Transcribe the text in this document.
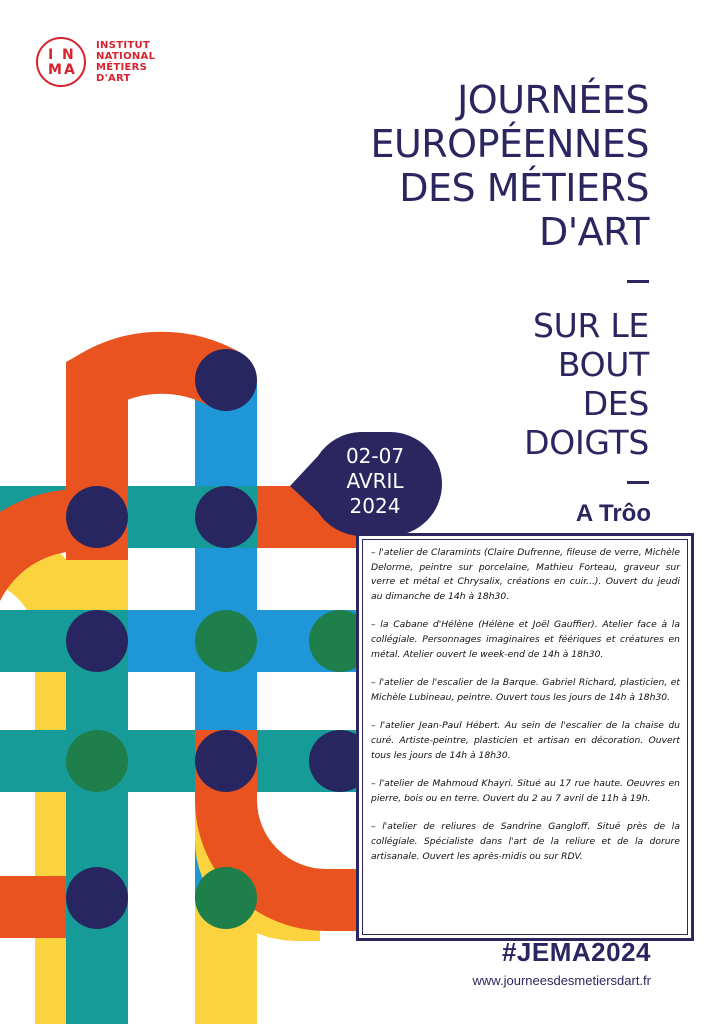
I N
M A
INSTITUT
NATIONAL
MÉTIERS
D'ART	JOURNÉES
EUROPÉENNES
DES MÉTIERS
D'ART
SUR LE
BOUT
DES
DOIGTS
02-07
AVRIL
2024	A Trôo

– l'atelier de Claramints (Claire Dufrenne, fileuse de verre, Michèle Delorme, peintre sur porcelaine, Mathieu Forteau, graveur sur verre et métal et Chrysalix, créations en cuir...). Ouvert du jeudi au dimanche de 14h à 18h30.

– la Cabane d'Hélène (Hélène et Joël Gauffier). Atelier face à la collégiale. Personnages imaginaires et féériques et créatures en métal. Atelier ouvert le week-end de 14h à 18h30.

– l'atelier de l'escalier de la Barque. Gabriel Richard, plasticien, et Michèle Lubineau, peintre. Ouvert tous les jours de 14h à 18h30.

– l'atelier Jean-Paul Hébert. Au sein de l'escalier de la chaise du curé. Artiste-peintre, plasticien et artisan en décoration. Ouvert tous les jours de 14h à 18h30.

– l'atelier de Mahmoud Khayri. Situé au 17 rue haute. Oeuvres en pierre, bois ou en terre. Ouvert du 2 au 7 avril de 11h à 19h.

– l'atelier de reliures de Sandrine Gangloff. Situé près de la collégiale. Spécialiste dans l'art de la reliure et de la dorure artisanale. Ouvert les après-midis ou sur RDV.

#JEMA2024
www.journeesdesmetiersdart.fr
